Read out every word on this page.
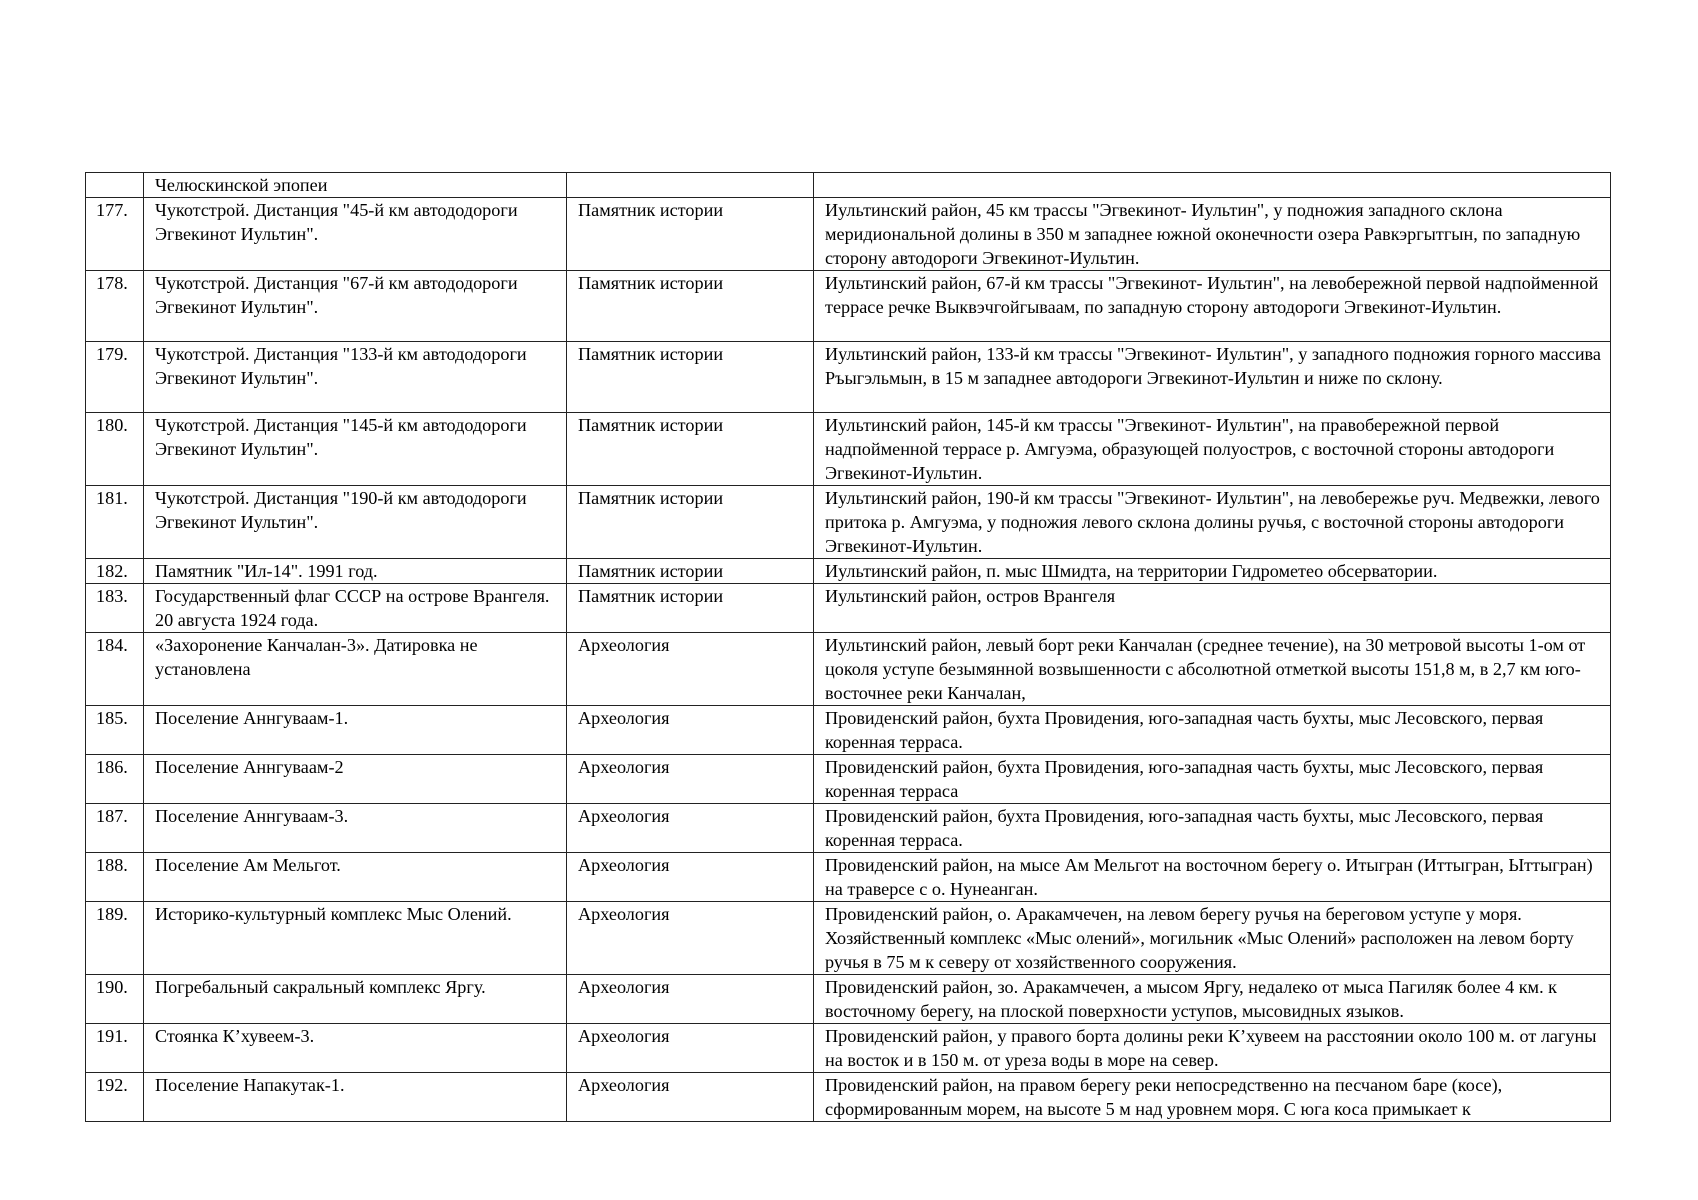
	Челюскинской эпопеи		
177.	Чукотстрой. Дистанция "45-й км автододороги Эгвекинот Иультин".	Памятник истории	Иультинский район, 45 км трассы "Эгвекинот- Иультин", у подножия западного склона меридиональной долины в 350 м западнее южной оконечности озера Равкэргытгын, по западную сторону автодороги Эгвекинот-Иультин.
178.	Чукотстрой. Дистанция "67-й км автододороги Эгвекинот Иультин".	Памятник истории	Иультинский район, 67-й км трассы "Эгвекинот- Иультин", на левобережной первой надпойменной террасе речке Выквэчгойгываам, по западную сторону автодороги Эгвекинот-Иультин.
179.	Чукотстрой. Дистанция "133-й км автододороги Эгвекинот Иультин".	Памятник истории	Иультинский район, 133-й км трассы "Эгвекинот- Иультин", у западного подножия горного массива Ръыгэльмын, в 15 м западнее автодороги Эгвекинот-Иультин и ниже по склону.
180.	Чукотстрой. Дистанция "145-й км автододороги Эгвекинот Иультин".	Памятник истории	Иультинский район, 145-й км трассы "Эгвекинот- Иультин", на правобережной первой надпойменной террасе р. Амгуэма, образующей полуостров, с восточной стороны автодороги Эгвекинот-Иультин.
181.	Чукотстрой. Дистанция "190-й км автододороги Эгвекинот Иультин".	Памятник истории	Иультинский район, 190-й км трассы "Эгвекинот- Иультин", на левобережье руч. Медвежки, левого притока р. Амгуэма, у подножия левого склона долины ручья, с восточной стороны автодороги Эгвекинот-Иультин.
182.	Памятник "Ил-14". 1991 год.	Памятник истории	Иультинский район, п. мыс Шмидта, на территории Гидрометео обсерватории.
183.	Государственный флаг СССР на острове Врангеля. 20 августа 1924 года.	Памятник истории	Иультинский район, остров Врангеля
184.	«Захоронение Канчалан-3». Датировка не установлена	Археология	Иультинский район, левый борт реки Канчалан (среднее течение), на 30 метровой высоты 1-ом от цоколя уступе безымянной возвышенности с абсолютной отметкой высоты 151,8 м, в 2,7 км юго-восточнее реки Канчалан,
185.	Поселение Аннгуваам-1.	Археология	Провиденский район, бухта Провидения, юго-западная часть бухты, мыс Лесовского, первая коренная терраса.
186.	Поселение Аннгуваам-2	Археология	Провиденский район, бухта Провидения, юго-западная часть бухты, мыс Лесовского, первая коренная терраса
187.	Поселение Аннгуваам-3.	Археология	Провиденский район, бухта Провидения, юго-западная часть бухты, мыс Лесовского, первая коренная терраса.
188.	Поселение Ам Мельгот.	Археология	Провиденский район, на мысе Ам Мельгот на восточном берегу о. Итыгран (Иттыгран, Ыттыгран) на траверсе с о. Нунеанган.
189.	Историко-культурный комплекс Мыс Олений.	Археология	Провиденский район, о. Аракамчечен, на левом берегу ручья на береговом уступе у моря. Хозяйственный комплекс «Мыс олений», могильник «Мыс Олений» расположен на левом борту ручья в 75 м к северу от хозяйственного сооружения.
190.	Погребальный сакральный комплекс Яргу.	Археология	Провиденский район, зо. Аракамчечен, а мысом Яргу, недалеко от мыса Пагиляк более 4 км. к восточному берегу, на плоской поверхности уступов, мысовидных языков.
191.	Стоянка К’хувеем-3.	Археология	Провиденский район, у правого борта долины реки К’хувеем на расстоянии около 100 м. от лагуны на восток и в 150 м. от уреза воды в море на север.
192.	Поселение Напакутак-1.	Археология	Провиденский район, на правом берегу реки непосредственно на песчаном баре (косе), сформированным морем, на высоте 5 м над уровнем моря. С юга коса примыкает к
